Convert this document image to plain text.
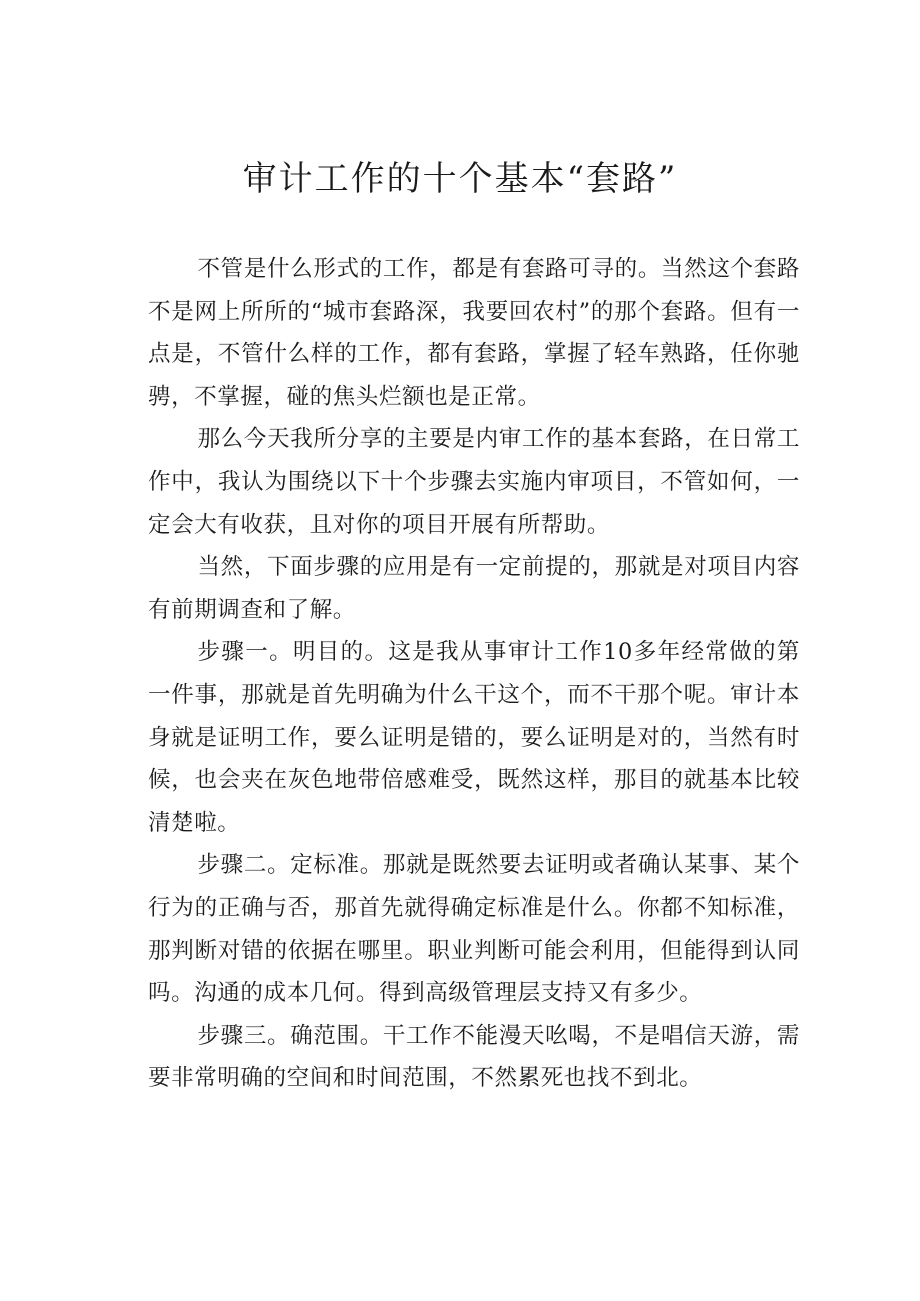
审计工作的十个基本“套路”

不管是什么形式的工作，都是有套路可寻的。当然这个套路不是网上所所的“城市套路深，我要回农村”的那个套路。但有一点是，不管什么样的工作，都有套路，掌握了轻车熟路，任你驰骋，不掌握，碰的焦头烂额也是正常。

那么今天我所分享的主要是内审工作的基本套路，在日常工作中，我认为围绕以下十个步骤去实施内审项目，不管如何，一定会大有收获，且对你的项目开展有所帮助。

当然，下面步骤的应用是有一定前提的，那就是对项目内容有前期调查和了解。

步骤一。明目的。这是我从事审计工作10多年经常做的第一件事，那就是首先明确为什么干这个，而不干那个呢。审计本身就是证明工作，要么证明是错的，要么证明是对的，当然有时候，也会夹在灰色地带倍感难受，既然这样，那目的就基本比较清楚啦。

步骤二。定标准。那就是既然要去证明或者确认某事、某个行为的正确与否，那首先就得确定标准是什么。你都不知标准，那判断对错的依据在哪里。职业判断可能会利用，但能得到认同吗。沟通的成本几何。得到高级管理层支持又有多少。

步骤三。确范围。干工作不能漫天吆喝，不是唱信天游，需要非常明确的空间和时间范围，不然累死也找不到北。
